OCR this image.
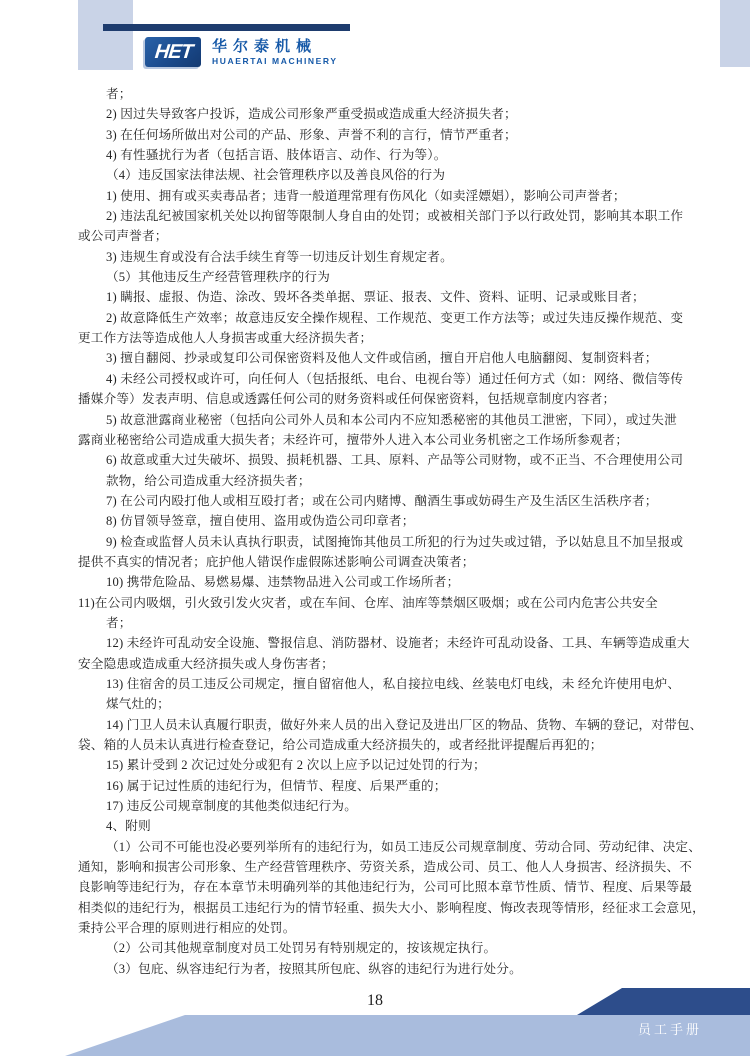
HET 华尔泰机械
HUAERTAI MACHINERY
者；
2) 因过失导致客户投诉，造成公司形象严重受损或造成重大经济损失者；
3) 在任何场所做出对公司的产品、形象、声誉不利的言行，情节严重者；
4) 有性骚扰行为者（包括言语、肢体语言、动作、行为等）。
（4）违反国家法律法规、社会管理秩序以及善良风俗的行为
1) 使用、拥有或买卖毒品者；违背一般道理常理有伤风化（如卖淫嫖娼），影响公司声誉者；
2) 违法乱纪被国家机关处以拘留等限制人身自由的处罚；或被相关部门予以行政处罚，影响其本职工作
或公司声誉者；
3) 违规生育或没有合法手续生育等一切违反计划生育规定者。
（5）其他违反生产经营管理秩序的行为
1) 瞒报、虚报、伪造、涂改、毁坏各类单据、票证、报表、文件、资料、证明、记录或账目者；
2) 故意降低生产效率；故意违反安全操作规程、工作规范、变更工作方法等；或过失违反操作规范、变
更工作方法等造成他人人身损害或重大经济损失者；
3) 擅自翻阅、抄录或复印公司保密资料及他人文件或信函，擅自开启他人电脑翻阅、复制资料者；
4) 未经公司授权或许可，向任何人（包括报纸、电台、电视台等）通过任何方式（如：网络、微信等传
播媒介等）发表声明、信息或透露任何公司的财务资料或任何保密资料，包括规章制度内容者；
5) 故意泄露商业秘密（包括向公司外人员和本公司内不应知悉秘密的其他员工泄密，下同），或过失泄
露商业秘密给公司造成重大损失者；未经许可，擅带外人进入本公司业务机密之工作场所参观者；
6) 故意或重大过失破坏、损毁、损耗机器、工具、原料、产品等公司财物，或不正当、不合理使用公司
款物，给公司造成重大经济损失者；
7) 在公司内殴打他人或相互殴打者；或在公司内赌博、酗酒生事或妨碍生产及生活区生活秩序者；
8) 仿冒领导签章，擅自使用、盗用或伪造公司印章者；
9) 检查或监督人员未认真执行职责，试图掩饰其他员工所犯的行为过失或过错，予以姑息且不加呈报或
提供不真实的情况者；庇护他人错误作虚假陈述影响公司调查决策者；
10) 携带危险品、易燃易爆、违禁物品进入公司或工作场所者；
11)在公司内吸烟，引火致引发火灾者，或在车间、仓库、油库等禁烟区吸烟；或在公司内危害公共安全
者；
12) 未经许可乱动安全设施、警报信息、消防器材、设施者；未经许可乱动设备、工具、车辆等造成重大
安全隐患或造成重大经济损失或人身伤害者；
13) 住宿舍的员工违反公司规定，擅自留宿他人，私自接拉电线、丝装电灯电线，未 经允许使用电炉、
煤气灶的；
14) 门卫人员未认真履行职责，做好外来人员的出入登记及进出厂区的物品、货物、车辆的登记，对带包、
袋、箱的人员未认真进行检查登记，给公司造成重大经济损失的，或者经批评提醒后再犯的；
15) 累计受到 2 次记过处分或犯有 2 次以上应予以记过处罚的行为；
16) 属于记过性质的违纪行为，但情节、程度、后果严重的；
17) 违反公司规章制度的其他类似违纪行为。
4、附则
（1）公司不可能也没必要列举所有的违纪行为，如员工违反公司规章制度、劳动合同、劳动纪律、决定、
通知，影响和损害公司形象、生产经营管理秩序、劳资关系，造成公司、员工、他人人身损害、经济损失、不
良影响等违纪行为，存在本章节未明确列举的其他违纪行为，公司可比照本章节性质、情节、程度、后果等最
相类似的违纪行为，根据员工违纪行为的情节轻重、损失大小、影响程度、悔改表现等情形，经征求工会意见，
秉持公平合理的原则进行相应的处罚。
（2）公司其他规章制度对员工处罚另有特别规定的，按该规定执行。
（3）包庇、纵容违纪行为者，按照其所包庇、纵容的违纪行为进行处分。
18
员工手册
